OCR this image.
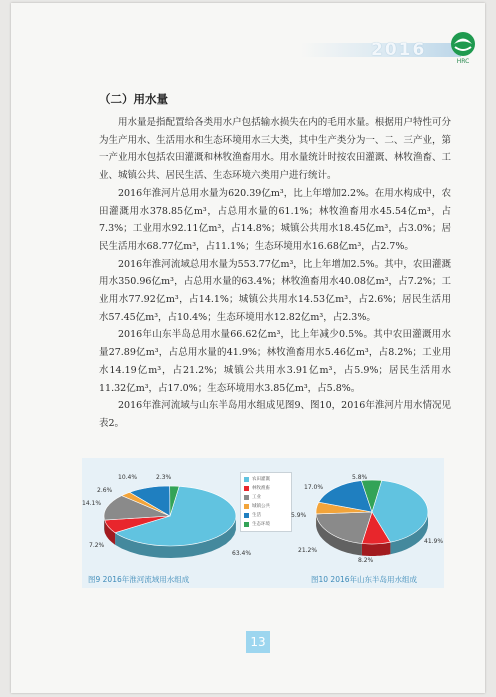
2016
HRC
（二）用水量

用水量是指配置给各类用水户包括输水损失在内的毛用水量。根据用户特性可分为生产用水、生活用水和生态环境用水三大类，其中生产类分为一、二、三产业，第一产业用水包括农田灌溉和林牧渔畜用水。用水量统计时按农田灌溉、林牧渔畜、工业、城镇公共、居民生活、生态环境六类用户进行统计。

2016年淮河片总用水量为620.39亿m³，比上年增加2.2%。在用水构成中，农田灌溉用水378.85亿m³，占总用水量的61.1%；林牧渔畜用水45.54亿m³，占7.3%；工业用水92.11亿m³，占14.8%；城镇公共用水18.45亿m³，占3.0%；居民生活用水68.77亿m³，占11.1%；生态环境用水16.68亿m³，占2.7%。

2016年淮河流域总用水量为553.77亿m³，比上年增加2.5%。其中，农田灌溉用水350.96亿m³，占总用水量的63.4%；林牧渔畜用水40.08亿m³，占7.2%；工业用水77.92亿m³，占14.1%；城镇公共用水14.53亿m³，占2.6%；居民生活用水57.45亿m³，占10.4%；生态环境用水12.82亿m³，占2.3%。

2016年山东半岛总用水量66.62亿m³，比上年减少0.5%。其中农田灌溉用水量27.89亿m³，占总用水量的41.9%；林牧渔畜用水5.46亿m³，占8.2%；工业用水14.19亿m³，占21.2%；城镇公共用水3.91亿m³，占5.9%；居民生活用水11.32亿m³，占17.0%；生态环境用水3.85亿m³，占5.8%。

2016年淮河流域与山东半岛用水组成见图9、图10，2016年淮河片用水情况见表2。

农田灌溉
林牧渔畜
工业
城镇公共
生活
生态环境
10.4%	2.3%
2.6%
14.1%
7.2%
63.4%
5.8%
17.0%
5.9%
21.2%
8.2%
41.9%
图9 2016年淮河流域用水组成	图10 2016年山东半岛用水组成
13
